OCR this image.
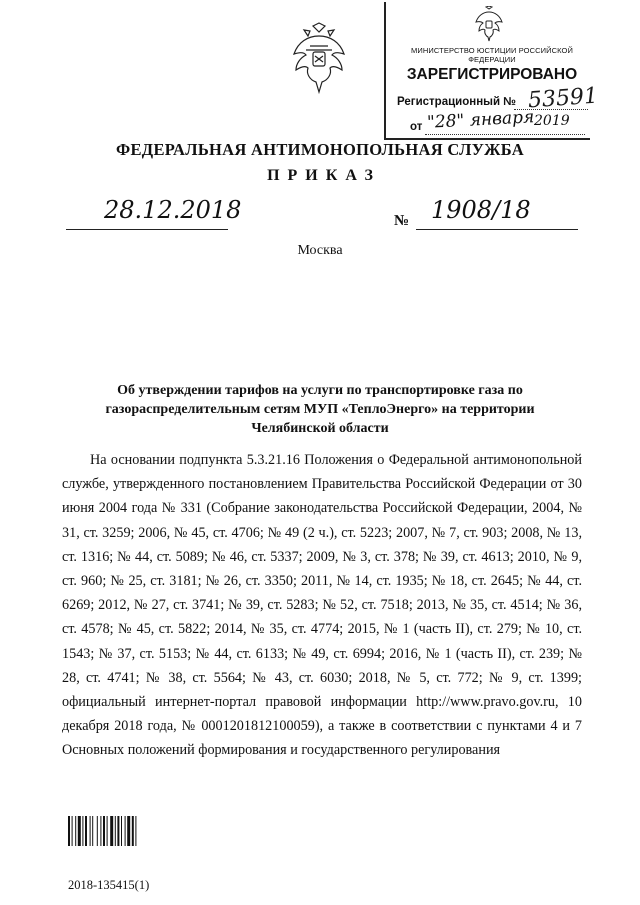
МИНИСТЕРСТВО ЮСТИЦИИ РОССИЙСКОЙ ФЕДЕРАЦИИ
ЗАРЕГИСТРИРОВАНО
Регистрационный № 53591
от "28" января 2019
ФЕДЕРАЛЬНАЯ АНТИМОНОПОЛЬНАЯ СЛУЖБА
ПРИКАЗ
28.12.2018	№ 1908/18
Москва
Об утверждении тарифов на услуги по транспортировке газа по газораспределительным сетям МУП «ТеплоЭнерго» на территории Челябинской области

На основании подпункта 5.3.21.16 Положения о Федеральной антимонопольной службе, утвержденного постановлением Правительства Российской Федерации от 30 июня 2004 года № 331 (Собрание законодательства Российской Федерации, 2004, № 31, ст. 3259; 2006, № 45, ст. 4706; № 49 (2 ч.), ст. 5223; 2007, № 7, ст. 903; 2008, № 13, ст. 1316; № 44, ст. 5089; № 46, ст. 5337; 2009, № 3, ст. 378; № 39, ст. 4613; 2010, № 9, ст. 960; № 25, ст. 3181; № 26, ст. 3350; 2011, № 14, ст. 1935; № 18, ст. 2645; № 44, ст. 6269; 2012, № 27, ст. 3741; № 39, ст. 5283; № 52, ст. 7518; 2013, № 35, ст. 4514; № 36, ст. 4578; № 45, ст. 5822; 2014, № 35, ст. 4774; 2015, № 1 (часть II), ст. 279; № 10, ст. 1543; № 37, ст. 5153; № 44, ст. 6133; № 49, ст. 6994; 2016, № 1 (часть II), ст. 239; № 28, ст. 4741; № 38, ст. 5564; № 43, ст. 6030; 2018, № 5, ст. 772; № 9, ст. 1399; официальный интернет-портал правовой информации http://www.pravo.gov.ru, 10 декабря 2018 года, № 0001201812100059), а также в соответствии с пунктами 4 и 7 Основных положений формирования и государственного регулирования

2018-135415(1)
